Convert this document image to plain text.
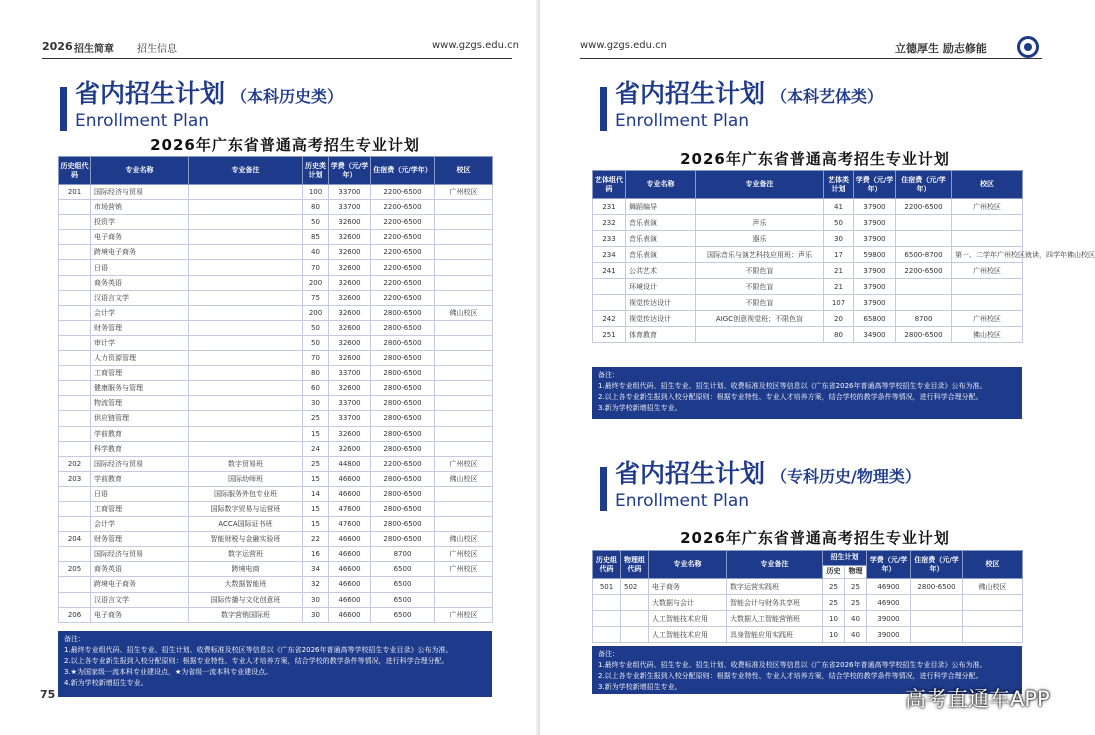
2026 招生简章 招生信息	www.gzgs.edu.cn
省内招生计划 （本科历史类）
Enrollment Plan
2026年广东省普通高考招生专业计划
历史组代码	专业名称	专业备注	历史类计划	学费（元/学年）	住宿费（元/学年）	校区
201	国际经济与贸易		100	33700	2200-6500	广州校区
	市场营销		80	33700	2200-6500	
	投资学		50	32600	2200-6500	
	电子商务		85	32600	2200-6500	
	跨境电子商务		40	32600	2200-6500	
	日语		70	32600	2200-6500	
	商务英语		200	32600	2200-6500	
	汉语言文学		75	32600	2200-6500	
	会计学		200	32600	2800-6500	佛山校区
	财务管理		50	32600	2800-6500	
	审计学		50	32600	2800-6500	
	人力资源管理		70	32600	2800-6500	
	工商管理		80	33700	2800-6500	
	健康服务与管理		60	32600	2800-6500	
	物流管理		30	33700	2800-6500	
	供应链管理		25	33700	2800-6500	
	学前教育		15	32600	2800-6500	
	科学教育		24	32600	2800-6500	
202	国际经济与贸易	数字贸易班	25	44800	2200-6500	广州校区
203	学前教育	国际幼师班	15	46600	2800-6500	佛山校区
	日语	国际服务外包专业班	14	46600	2800-6500	
	工商管理	国际数字贸易与运营班	15	47600	2800-6500	
	会计学	ACCA国际证书班	15	47600	2800-6500	
204	财务管理	智能财税与金融实验班	22	46600	2800-6500	佛山校区
	国际经济与贸易	数字运营班	16	46600	8700	广州校区
205	商务英语	跨境电商	34	46600	6500	广州校区
	跨境电子商务	大数据智能班	32	46600	6500	
	汉语言文学	国际传播与文化创意班	30	46600	6500	
206	电子商务	数字营销国际班	30	46600	6500	广州校区
备注：
1.最终专业组代码、招生专业、招生计划、收费标准及校区等信息以《广东省2026年普通高等学校招生专业目录》公布为准。
2.以上各专业新生报到入校分配原则：根据专业特性、专业人才培养方案，结合学校的教学条件等情况，进行科学合理分配。
3.★为国家级一流本科专业建设点，★为省级一流本科专业建设点。
4.新为学校新增招生专业。
75
www.gzgs.edu.cn	立德厚生 励志修能
省内招生计划 （本科艺体类）
Enrollment Plan
2026年广东省普通高考招生专业计划
艺体组代码	专业名称	专业备注	艺体类计划	学费（元/学年）	住宿费（元/学年）	校区
231	舞蹈编导		41	37900	2200-6500	广州校区
232	音乐表演	声乐	50	37900		
233	音乐表演	器乐	30	37900		
234	音乐表演	国际音乐与演艺科技应用班：声乐	17	59800	6500-8700	第一、二学年广州校区就读，四学年佛山校区
241	公共艺术	不限色盲	21	37900	2200-6500	广州校区
	环境设计	不限色盲	21	37900		
	视觉传达设计	不限色盲	107	37900		
242	视觉传达设计	AIGC创意视觉班；不限色盲	20	65800	8700	广州校区
251	体育教育		80	34900	2800-6500	佛山校区
备注：
1.最终专业组代码、招生专业、招生计划、收费标准及校区等信息以《广东省2026年普通高等学校招生专业目录》公布为准。
2.以上各专业新生报到入校分配原则：根据专业特性、专业人才培养方案，结合学校的教学条件等情况，进行科学合理分配。
3.新为学校新增招生专业。
省内招生计划 （专科历史/物理类）
Enrollment Plan
2026年广东省普通高考招生专业计划
历史组代码	物理组代码	专业名称	专业备注	招生计划		学费（元/学年）	住宿费（元/学年）	校区
				历史	物理			
501	502	电子商务	数字运营实践班	25	25	46900	2800-6500	佛山校区
		大数据与会计	智能会计与财务共享班	25	25	46900		
		人工智能技术应用	大数据人工智能营销班	10	40	39000		
		人工智能技术应用	具身智能应用实践班	10	40	39000		
备注：
1.最终专业组代码、招生专业、招生计划、收费标准及校区等信息以《广东省2026年普通高等学校招生专业目录》公布为准。
2.以上各专业新生报到入校分配原则：根据专业特性、专业人才培养方案，结合学校的教学条件等情况，进行科学合理分配。
3.新为学校新增招生专业。	高考直通车APP
